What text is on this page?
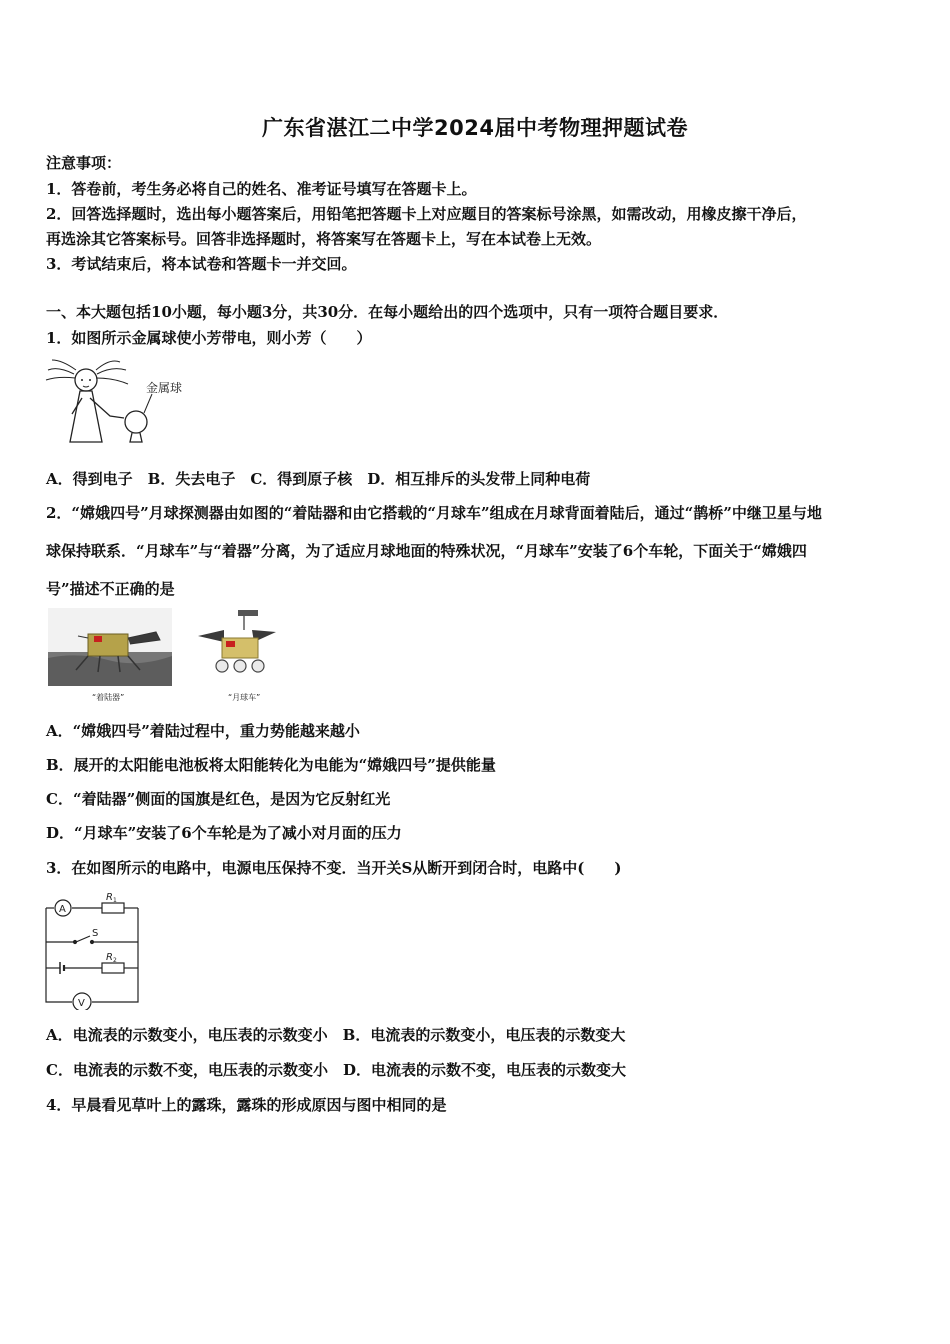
广东省湛江二中学2024届中考物理押题试卷
注意事项：
1．答卷前，考生务必将自己的姓名、准考证号填写在答题卡上。
2．回答选择题时，选出每小题答案后，用铅笔把答题卡上对应题目的答案标号涂黑，如需改动，用橡皮擦干净后，
再选涂其它答案标号。回答非选择题时，将答案写在答题卡上，写在本试卷上无效。
3．考试结束后，将本试卷和答题卡一并交回。
一、本大题包括10小题，每小题3分，共30分．在每小题给出的四个选项中，只有一项符合题目要求．
1．如图所示金属球使小芳带电，则小芳（　　）
金属球
A．得到电子　B．失去电子　C．得到原子核　D．相互排斥的头发带上同种电荷
2．“嫦娥四号”月球探测器由如图的“着陆器和由它搭载的“月球车”组成在月球背面着陆后，通过“鹊桥”中继卫星与地
球保持联系．“月球车”与“着器”分离，为了适应月球地面的特殊状况，“月球车”安装了6个车轮，下面关于“嫦娥四
号”描述不正确的是
“着陆器”	“月球车”
A．“嫦娥四号”着陆过程中，重力势能越来越小
B．展开的太阳能电池板将太阳能转化为电能为“嫦娥四号”提供能量
C．“着陆器”侧面的国旗是红色，是因为它反射红光
D．“月球车”安装了6个车轮是为了减小对月面的压力
3．在如图所示的电路中，电源电压保持不变．当开关S从断开到闭合时，电路中(　　)
A
V
S
R 1
R 2
A．电流表的示数变小，电压表的示数变小　B．电流表的示数变小，电压表的示数变大
C．电流表的示数不变，电压表的示数变小　D．电流表的示数不变，电压表的示数变大
4．早晨看见草叶上的露珠，露珠的形成原因与图中相同的是
